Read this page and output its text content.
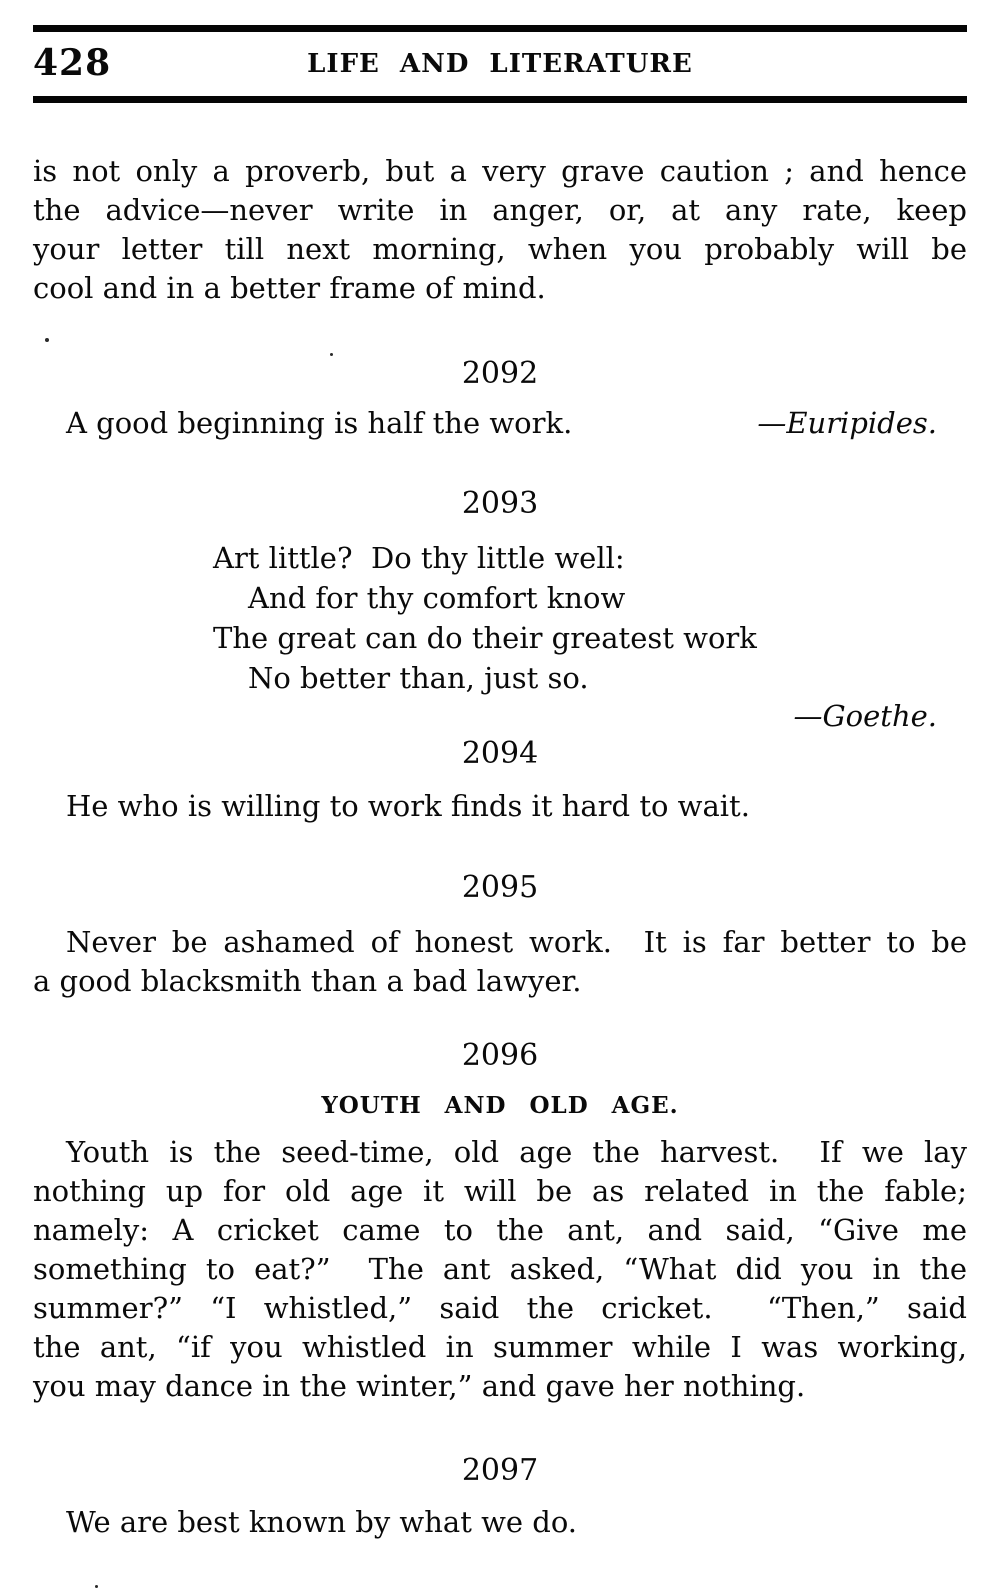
428	LIFE AND LITERATURE
is not only a proverb, but a very grave caution ; and hence
the advice—never write in anger, or, at any rate, keep
your letter till next morning, when you probably will be
cool and in a better frame of mind.
2092
A good beginning is half the work.	—Euripides.
2093
Art little?  Do thy little well:
And for thy comfort know
The great can do their greatest work
No better than, just so.
—Goethe.
2094
He who is willing to work finds it hard to wait.
2095
Never be ashamed of honest work.  It is far better to be
a good blacksmith than a bad lawyer.
2096
YOUTH AND OLD AGE.
Youth is the seed-time, old age the harvest.  If we lay
nothing up for old age it will be as related in the fable;
namely: A cricket came to the ant, and said, “Give me
something to eat?”  The ant asked, “What did you in the
summer?” “I whistled,” said the cricket.  “Then,” said
the ant, “if you whistled in summer while I was working,
you may dance in the winter,” and gave her nothing.
2097
We are best known by what we do.
